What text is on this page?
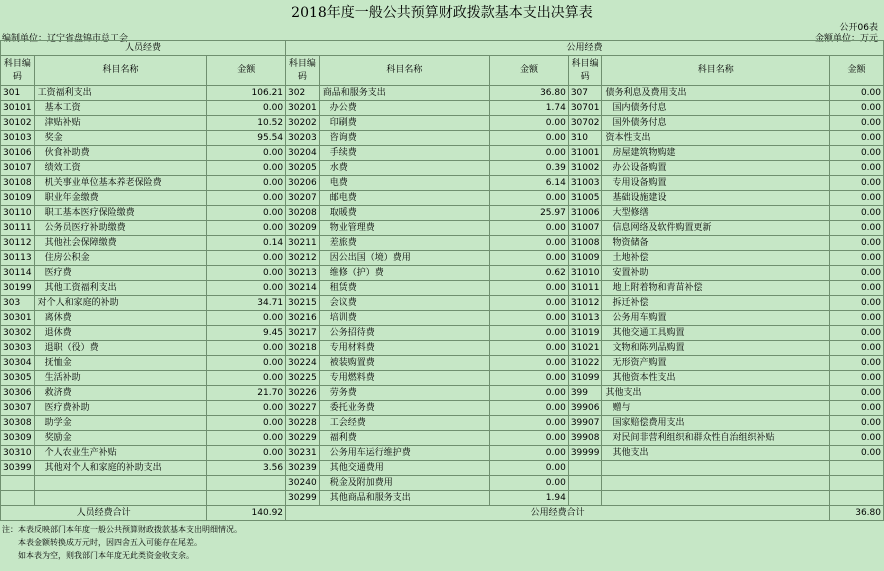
2018年度一般公共预算财政拨款基本支出决算表
公开06表
编制单位：辽宁省盘锦市总工会	金额单位：万元
人员经费			公用经费					
科目编码	科目名称	金额	科目编码	科目名称	金额	科目编码	科目名称	金额
301	工资福利支出	106.21	302	商品和服务支出	36.80	307	债务利息及费用支出	0.00
30101	基本工资	0.00	30201	办公费	1.74	30701	国内债务付息	0.00
30102	津贴补贴	10.52	30202	印刷费	0.00	30702	国外债务付息	0.00
30103	奖金	95.54	30203	咨询费	0.00	310	资本性支出	0.00
30106	伙食补助费	0.00	30204	手续费	0.00	31001	房屋建筑物购建	0.00
30107	绩效工资	0.00	30205	水费	0.39	31002	办公设备购置	0.00
30108	机关事业单位基本养老保险费	0.00	30206	电费	6.14	31003	专用设备购置	0.00
30109	职业年金缴费	0.00	30207	邮电费	0.00	31005	基础设施建设	0.00
30110	职工基本医疗保险缴费	0.00	30208	取暖费	25.97	31006	大型修缮	0.00
30111	公务员医疗补助缴费	0.00	30209	物业管理费	0.00	31007	信息网络及软件购置更新	0.00
30112	其他社会保障缴费	0.14	30211	差旅费	0.00	31008	物资储备	0.00
30113	住房公积金	0.00	30212	因公出国（境）费用	0.00	31009	土地补偿	0.00
30114	医疗费	0.00	30213	维修（护）费	0.62	31010	安置补助	0.00
30199	其他工资福利支出	0.00	30214	租赁费	0.00	31011	地上附着物和青苗补偿	0.00
303	对个人和家庭的补助	34.71	30215	会议费	0.00	31012	拆迁补偿	0.00
30301	离休费	0.00	30216	培训费	0.00	31013	公务用车购置	0.00
30302	退休费	9.45	30217	公务招待费	0.00	31019	其他交通工具购置	0.00
30303	退职（役）费	0.00	30218	专用材料费	0.00	31021	文物和陈列品购置	0.00
30304	抚恤金	0.00	30224	被装购置费	0.00	31022	无形资产购置	0.00
30305	生活补助	0.00	30225	专用燃料费	0.00	31099	其他资本性支出	0.00
30306	救济费	21.70	30226	劳务费	0.00	399	其他支出	0.00
30307	医疗费补助	0.00	30227	委托业务费	0.00	39906	赠与	0.00
30308	助学金	0.00	30228	工会经费	0.00	39907	国家赔偿费用支出	0.00
30309	奖励金	0.00	30229	福利费	0.00	39908	对民间非营利组织和群众性自治组织补贴	0.00
30310	个人农业生产补贴	0.00	30231	公务用车运行维护费	0.00	39999	其他支出	0.00
30399	其他对个人和家庭的补助支出	3.56	30239	其他交通费用	0.00			
			30240	税金及附加费用	0.00			
			30299	其他商品和服务支出	1.94			
人员经费合计		140.92	公用经费合计					36.80
注：本表反映部门本年度一般公共预算财政拨款基本支出明细情况。
本表金额转换成万元时，因四舍五入可能存在尾差。
如本表为空，则我部门本年度无此类资金收支余。
